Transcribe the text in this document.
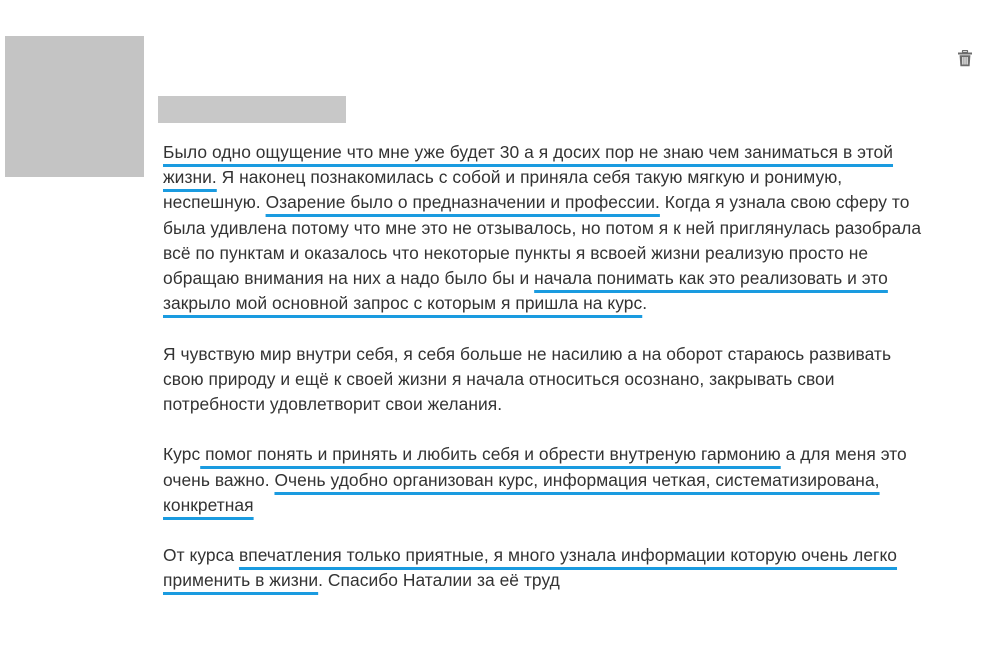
Было одно ощущение что мне уже будет 30 а я досих пор не знаю чем заниматься в этой жизни. Я наконец познакомилась с собой и приняла себя такую мягкую и ронимую, неспешную. Озарение было о предназначении и профессии. Когда я узнала свою сферу то была удивлена потому что мне это не отзывалось, но потом я к ней приглянулась разобрала всё по пунктам и оказалось что некоторые пункты я всвоей жизни реализую просто не обращаю внимания на них а надо было бы и начала понимать как это реализовать и это закрыло мой основной запрос с которым я пришла на курс.

Я чувствую мир внутри себя, я себя больше не насилию а на оборот стараюсь развивать свою природу и ещё к своей жизни я начала относиться осознано, закрывать свои потребности удовлетворит свои желания.

Курс помог понять и принять и любить себя и обрести внутреную гармонию а для меня это очень важно. Очень удобно организован курс, информация четкая, систематизирована, конкретная

От курса впечатления только приятные, я много узнала информации которую очень легко применить в жизни. Спасибо Наталии за её труд
